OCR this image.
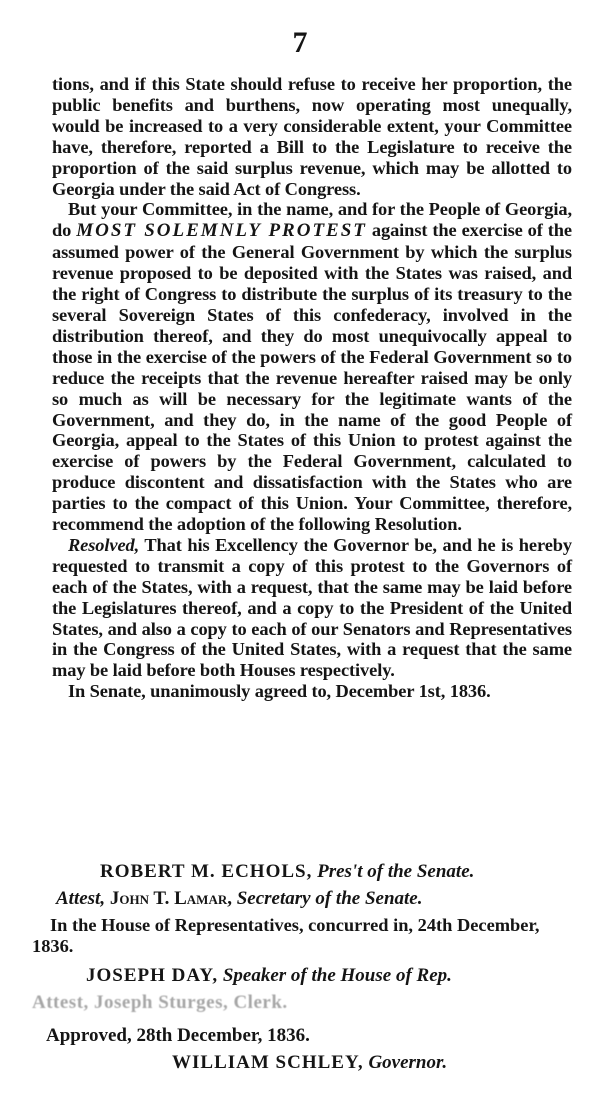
7

tions, and if this State should refuse to receive her proportion, the public benefits and burthens, now operating most unequally, would be increased to a very considerable extent, your Committee have, therefore, reported a Bill to the Legislature to receive the proportion of the said surplus revenue, which may be allotted to Georgia under the said Act of Congress.

But your Committee, in the name, and for the People of Georgia, do MOST SOLEMNLY PROTEST against the exercise of the assumed power of the General Government by which the surplus revenue proposed to be deposited with the States was raised, and the right of Congress to distribute the surplus of its treasury to the several Sovereign States of this confederacy, involved in the distribution thereof, and they do most unequivocally appeal to those in the exercise of the powers of the Federal Government so to reduce the receipts that the revenue hereafter raised may be only so much as will be necessary for the legitimate wants of the Government, and they do, in the name of the good People of Georgia, appeal to the States of this Union to protest against the exercise of powers by the Federal Government, calculated to produce discontent and dissatisfaction with the States who are parties to the compact of this Union. Your Committee, therefore, recommend the adoption of the following Resolution.

Resolved, That his Excellency the Governor be, and he is hereby requested to transmit a copy of this protest to the Governors of each of the States, with a request, that the same may be laid before the Legislatures thereof, and a copy to the President of the United States, and also a copy to each of our Senators and Representatives in the Congress of the United States, with a request that the same may be laid before both Houses respectively.

In Senate, unanimously agreed to, December 1st, 1836.

ROBERT M. ECHOLS, Pres't of the Senate.
Attest, John T. Lamar, Secretary of the Senate.
In the House of Representatives, concurred in, 24th December, 1836.
JOSEPH DAY, Speaker of the House of Rep.
Attest, Joseph Sturges, Clerk.
Approved, 28th December, 1836.
WILLIAM SCHLEY, Governor.
